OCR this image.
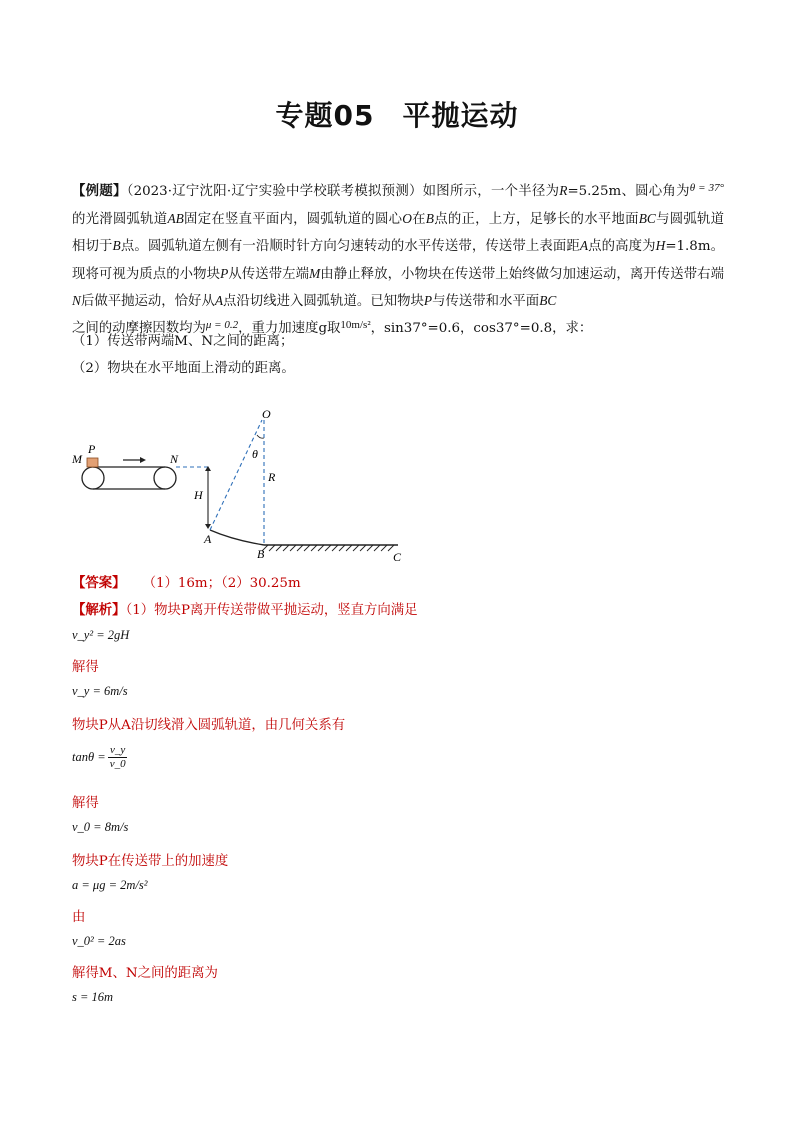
专题05 平抛运动
【例题】（2023·辽宁沈阳·辽宁实验中学校联考模拟预测）如图所示，一个半径为R=5.25m、圆心角为$^{\theta = 37^\circ}$的光滑圆弧轨道AB固定在竖直平面内，圆弧轨道的圆心O在B点的正，上方，足够长的水平地面BC与圆弧轨道相切于B点。圆弧轨道左侧有一沿顺时针方向匀速转动的水平传送带，传送带上表面距A点的高度为H=1.8m。现将可视为质点的小物块P从传送带左端M由静止释放，小物块在传送带上始终做匀加速运动，离开传送带右端N后做平抛运动，恰好从A点沿切线进入圆弧轨道。已知物块P与传送带和水平面BC
之间的动摩擦因数均为$^{\mu = 0.2}$，重力加速度g取$^{10m/s^2}$，sin37°=0.6，cos37°=0.8，求：
（1）传送带两端M、N之间的距离；
（2）物块在水平地面上滑动的距离。
M
P
N
H
A
B	C
O
θ
R
【答案】 （1）16m；（2）30.25m
【解析】（1）物块P离开传送带做平抛运动，竖直方向满足
v_y² = 2gH
解得
v_y = 6m/s
物块P从A沿切线滑入圆弧轨道，由几何关系有
$\tan\theta = \frac{v\_y}{v\_0}$
解得
v_0 = 8m/s
物块P在传送带上的加速度
a = μg = 2m/s²
由
v_0² = 2as
解得M、N之间的距离为
s = 16m
